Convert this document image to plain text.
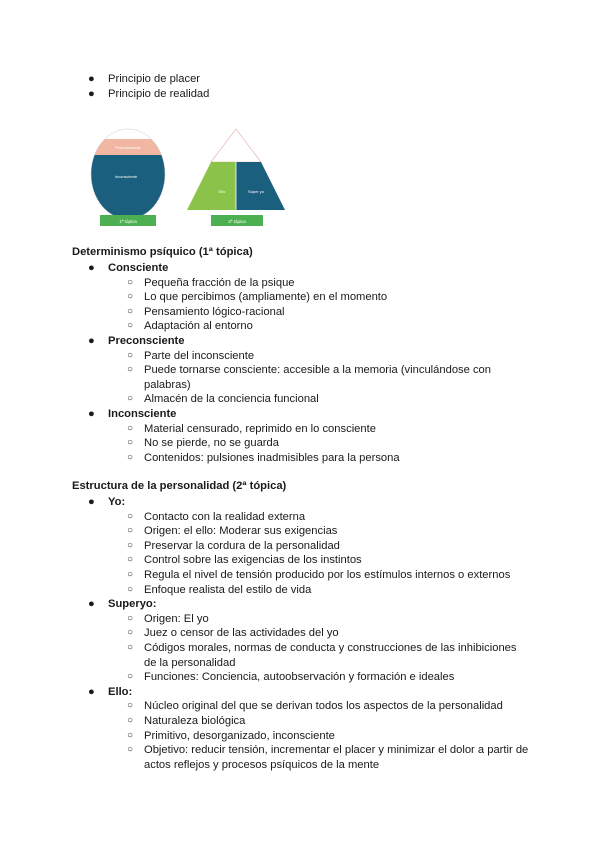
● Principio de placer
● Principio de realidad
Preconsciente
Inconsciente
1ª tópica
Ello	Súper yo
2ª tópica
Determinismo psíquico (1ª tópica)
● Consciente
○ Pequeña fracción de la psique
○ Lo que percibimos (ampliamente) en el momento
○ Pensamiento lógico-racional
○ Adaptación al entorno
● Preconsciente
○ Parte del inconsciente
○ Puede tornarse consciente: accesible a la memoria (vinculándose con palabras)
○ Almacén de la conciencia funcional
● Inconsciente
○ Material censurado, reprimido en lo consciente
○ No se pierde, no se guarda
○ Contenidos: pulsiones inadmisibles para la persona
Estructura de la personalidad (2ª tópica)
● Yo:
○ Contacto con la realidad externa
○ Origen: el ello: Moderar sus exigencias
○ Preservar la cordura de la personalidad
○ Control sobre las exigencias de los instintos
○ Regula el nivel de tensión producido por los estímulos internos o externos
○ Enfoque realista del estilo de vida
● Superyo:
○ Origen: El yo
○ Juez o censor de las actividades del yo
○ Códigos morales, normas de conducta y construcciones de las inhibiciones de la personalidad
○ Funciones: Conciencia, autoobservación y formación e ideales
● Ello:
○ Núcleo original del que se derivan todos los aspectos de la personalidad
○ Naturaleza biológica
○ Primitivo, desorganizado, inconsciente
○ Objetivo: reducir tensión, incrementar el placer y minimizar el dolor a partir de actos reflejos y procesos psíquicos de la mente
